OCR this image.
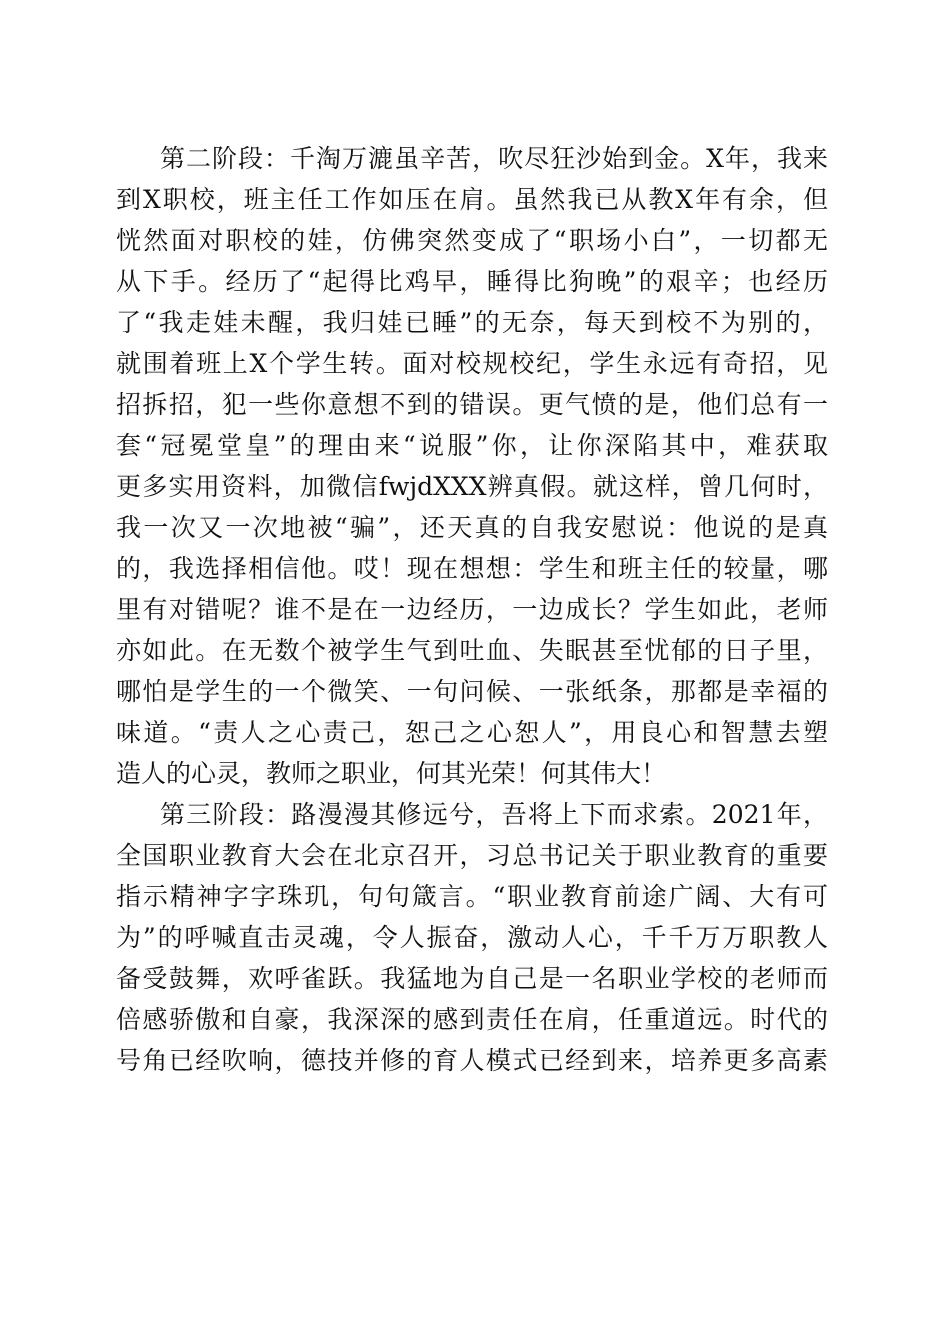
第二阶段：千淘万漉虽辛苦，吹尽狂沙始到金。X年，我来
到X职校，班主任工作如压在肩。虽然我已从教X年有余，但
恍然面对职校的娃，仿佛突然变成了“职场小白”，一切都无
从下手。经历了“起得比鸡早，睡得比狗晚”的艰辛；也经历
了“我走娃未醒，我归娃已睡”的无奈，每天到校不为别的，
就围着班上X个学生转。面对校规校纪，学生永远有奇招，见
招拆招，犯一些你意想不到的错误。更气愤的是，他们总有一
套“冠冕堂皇”的理由来“说服”你，让你深陷其中，难获取
更多实用资料，加微信fwjdXXX辨真假。就这样，曾几何时，
我一次又一次地被“骗”，还天真的自我安慰说：他说的是真
的，我选择相信他。哎！现在想想：学生和班主任的较量，哪
里有对错呢？谁不是在一边经历，一边成长？学生如此，老师
亦如此。在无数个被学生气到吐血、失眠甚至忧郁的日子里，
哪怕是学生的一个微笑、一句问候、一张纸条，那都是幸福的
味道。“责人之心责己，恕己之心恕人”，用良心和智慧去塑
造人的心灵，教师之职业，何其光荣！何其伟大！
第三阶段：路漫漫其修远兮，吾将上下而求索。2021年，
全国职业教育大会在北京召开，习总书记关于职业教育的重要
指示精神字字珠玑，句句箴言。“职业教育前途广阔、大有可
为”的呼喊直击灵魂，令人振奋，激动人心，千千万万职教人
备受鼓舞，欢呼雀跃。我猛地为自己是一名职业学校的老师而
倍感骄傲和自豪，我深深的感到责任在肩，任重道远。时代的
号角已经吹响，德技并修的育人模式已经到来，培养更多高素
